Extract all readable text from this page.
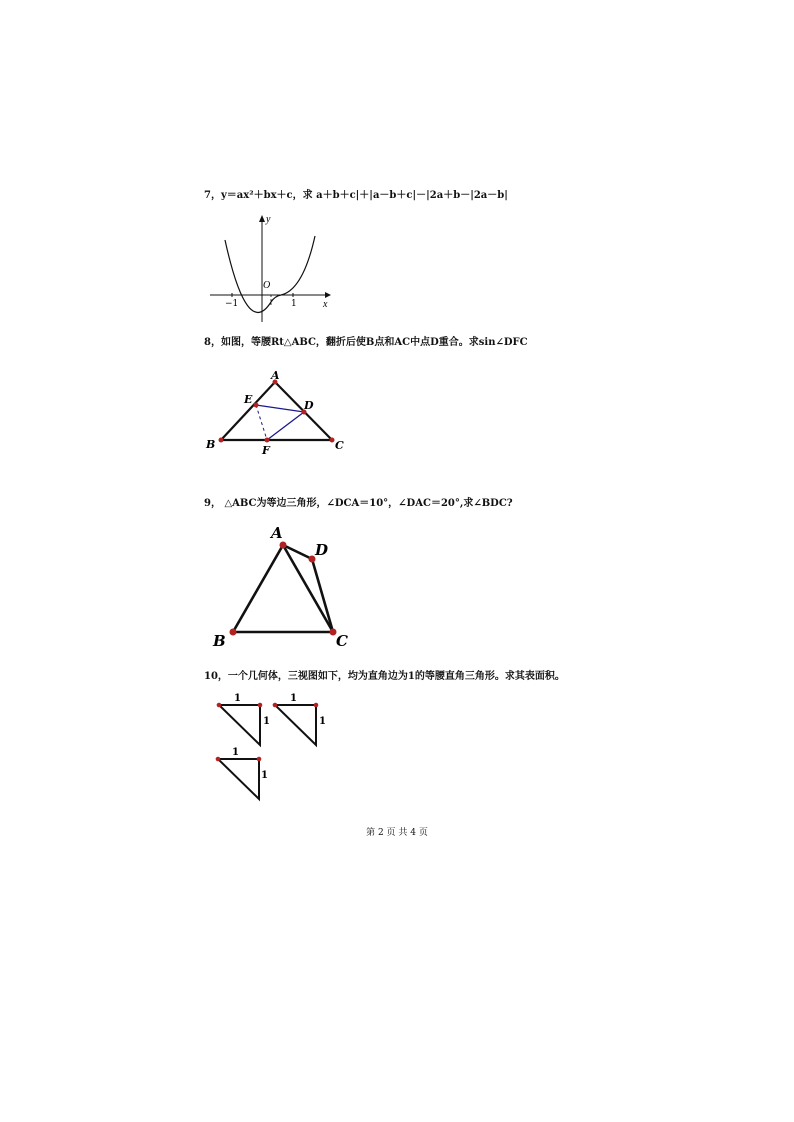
7，y＝ax²＋bx＋c，求 a＋b＋c|＋|a－b＋c|－|2a＋b－|2a－b|
y
x
O
−1	1
8，如图，等腰Rt△ABC，翻折后使B点和AC中点D重合。求sin∠DFC
A
B	C
D
E
F
9， △ABC为等边三角形，∠DCA＝10°，∠DAC＝20°,求∠BDC?
A
B	C
D
10，一个几何体，三视图如下，均为直角边为1的等腰直角三角形。求其表面积。
1
1
1
1
1
1
第 2 页 共 4 页
